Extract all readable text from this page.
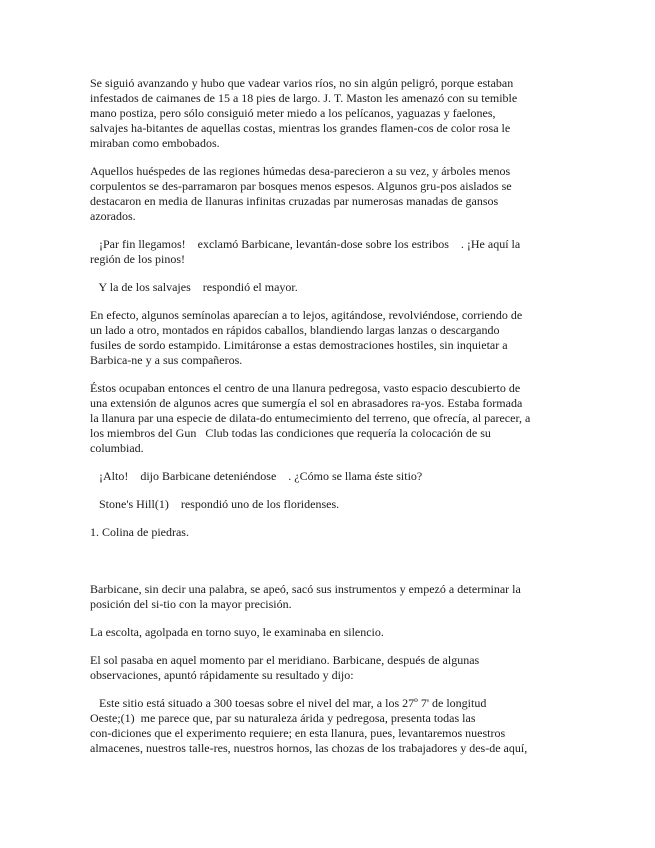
Se siguió avanzando y hubo que vadear varios ríos, no sin algún peligró, porque estaban
infestados de caimanes de 15 a 18 pies de largo. J. T. Maston les amenazó con su temible
mano postiza, pero sólo consiguió meter miedo a los pelícanos, yaguazas y faelones,
salvajes ha-bitantes de aquellas costas, mientras los grandes flamen-cos de color rosa le
miraban como embobados.

Aquellos huéspedes de las regiones húmedas desa-parecieron a su vez, y árboles menos
corpulentos se des-parramaron par bosques menos espesos. Algunos gru-pos aislados se
destacaron en media de llanuras infinitas cruzadas par numerosas manadas de gansos
azorados.

¡Par fin llegamos!    exclamó Barbicane, levantán-dose sobre los estribos    . ¡He aquí la
región de los pinos!

Y la de los salvajes    respondió el mayor.

En efecto, algunos semínolas aparecían a to lejos, agitándose, revolviéndose, corriendo de
un lado a otro, montados en rápidos caballos, blandiendo largas lanzas o descargando
fusiles de sordo estampido. Limitáronse a estas demostraciones hostiles, sin inquietar a
Barbica-ne y a sus compañeros.

Éstos ocupaban entonces el centro de una llanura pedregosa, vasto espacio descubierto de
una extensión de algunos acres que sumergía el sol en abrasadores ra-yos. Estaba formada
la llanura par una especie de dilata-do entumecimiento del terreno, que ofrecía, al parecer, a
los miembros del Gun   Club todas las condiciones que requería la colocación de su
columbiad.

¡Alto!    dijo Barbicane deteniéndose    . ¿Cómo se llama éste sitio?

Stone's Hill(1)    respondió uno de los floridenses.

1. Colina de piedras.

Barbicane, sin decir una palabra, se apeó, sacó sus instrumentos y empezó a determinar la
posición del si-tio con la mayor precisión.

La escolta, agolpada en torno suyo, le examinaba en silencio.

El sol pasaba en aquel momento par el meridiano. Barbicane, después de algunas
observaciones, apuntó rápidamente su resultado y dijo:

Este sitio está situado a 300 toesas sobre el nivel del mar, a los 27º 7' de longitud
Oeste;(1)  me parece que, par su naturaleza árida y pedregosa, presenta todas las
con-diciones que el experimento requiere; en esta llanura, pues, levantaremos nuestros
almacenes, nuestros talle-res, nuestros hornos, las chozas de los trabajadores y des-de aquí,
